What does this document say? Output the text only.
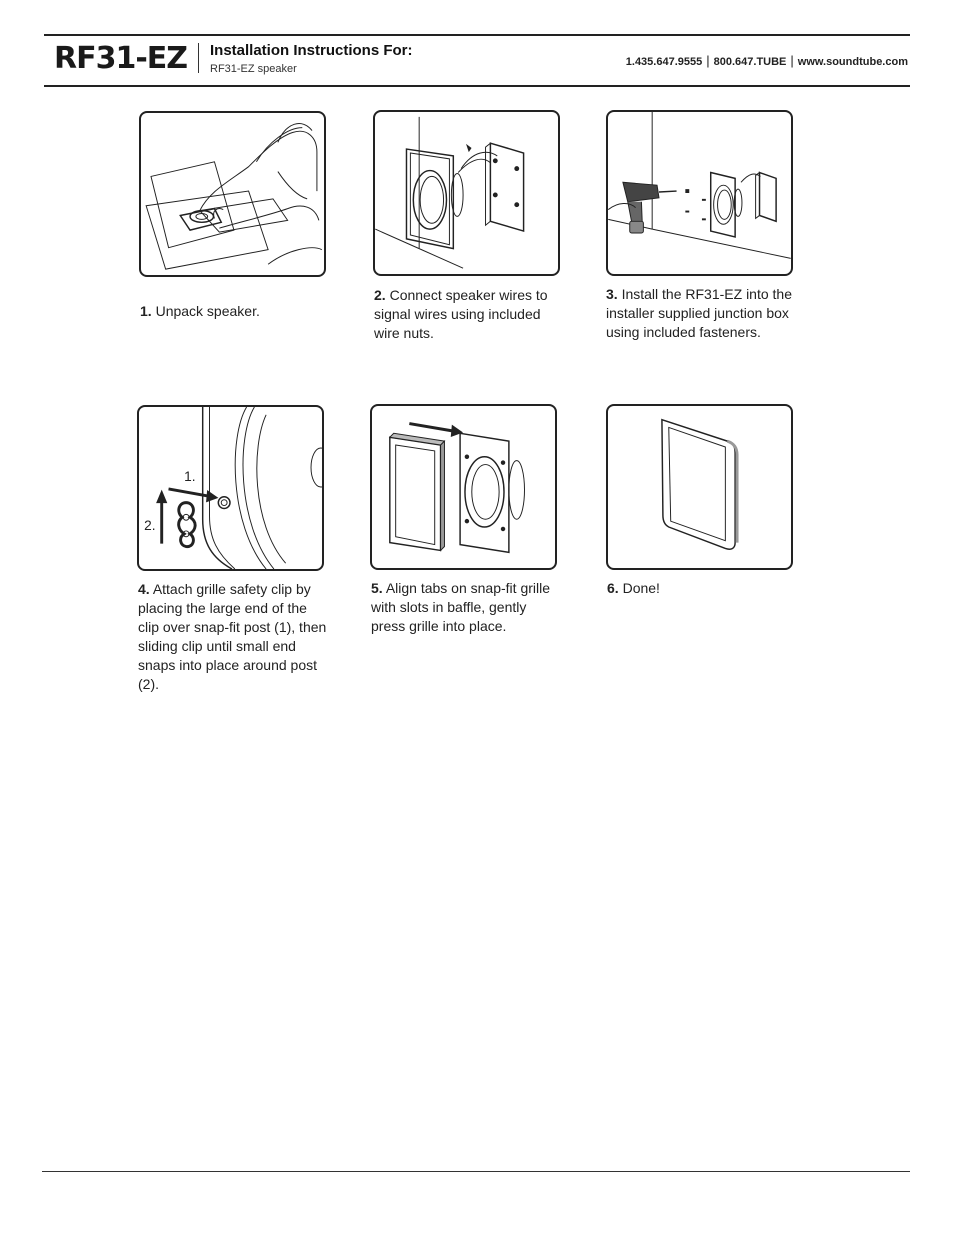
RF31-EZ Installation Instructions For:
RF31-EZ speaker
1.435.647.9555 | 800.647.TUBE | www.soundtube.com
1. Unpack speaker.
2. Connect speaker wires to signal wires using included wire nuts.
3. Install the RF31-EZ into the installer supplied junction box using included fasteners.
1.
2.
4. Attach grille safety clip by placing the large end of the clip over snap-fit post (1), then sliding clip until small end snaps into place around post (2).
5. Align tabs on snap-fit grille with slots in baffle, gently press grille into place.
6. Done!
